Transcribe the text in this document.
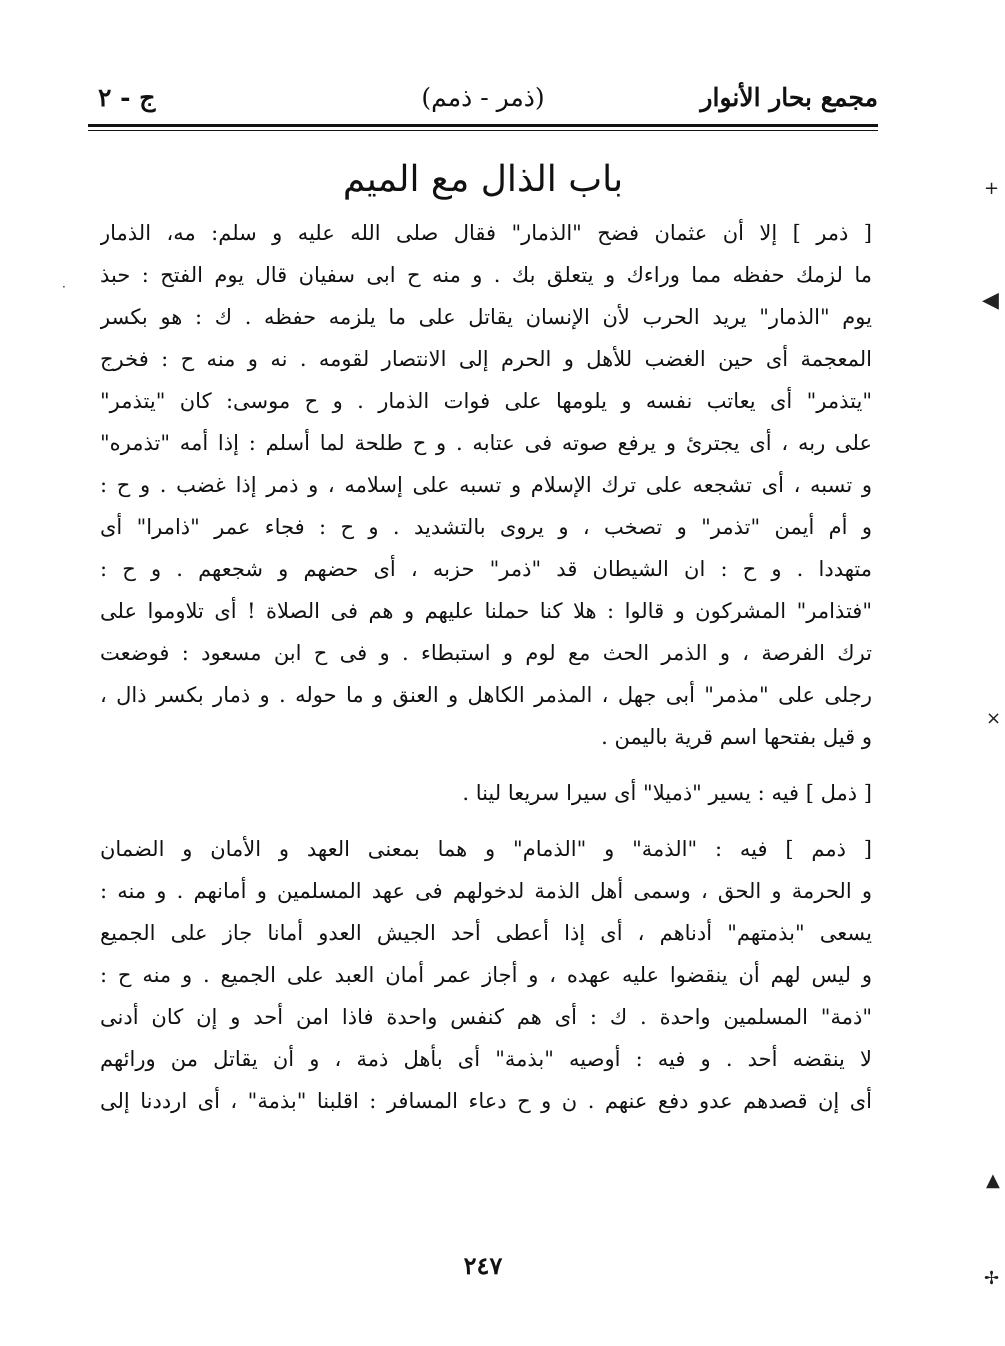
مجمع بحار الأنوار
(ذمر - ذمم)
ج - ٢
باب الذال مع الميم
[ ذمر ] إلا أن عثمان فضح "الذمار" فقال صلى الله عليه و سلم: مه، الذمار
ما لزمك حفظه مما وراءك و يتعلق بك . و منه ح ابى سفيان قال يوم الفتح : حبذ
يوم "الذمار" يريد الحرب لأن الإنسان يقاتل على ما يلزمه حفظه . ك : هو بكسر
المعجمة أى حين الغضب للأهل و الحرم إلى الانتصار لقومه . نه و منه ح : فخرج
"يتذمر" أى يعاتب نفسه و يلومها على فوات الذمار . و ح موسى: كان "يتذمر"
على ربه ، أى يجترئ و يرفع صوته فى عتابه . و ح طلحة لما أسلم : إذا أمه "تذمره"
و تسبه ، أى تشجعه على ترك الإسلام و تسبه على إسلامه ، و ذمر إذا غضب . و ح :
و أم أيمن "تذمر" و تصخب ، و يروى بالتشديد . و ح : فجاء عمر "ذامرا" أى
متهددا . و ح : ان الشيطان قد "ذمر" حزبه ، أى حضهم و شجعهم . و ح :
"فتذامر" المشركون و قالوا : هلا كنا حملنا عليهم و هم فى الصلاة ! أى تلاوموا على
ترك الفرصة ، و الذمر الحث مع لوم و استبطاء . و فى ح ابن مسعود : فوضعت
رجلى على "مذمر" أبى جهل ، المذمر الكاهل و العنق و ما حوله . و ذمار بكسر ذال ،
و قيل بفتحها اسم قرية باليمن .
[ ذمل ] فيه : يسير "ذميلا" أى سيرا سريعا لينا .
[ ذمم ] فيه : "الذمة" و "الذمام" و هما بمعنى العهد و الأمان و الضمان
و الحرمة و الحق ، وسمى أهل الذمة لدخولهم فى عهد المسلمين و أمانهم . و منه :
يسعى "بذمتهم" أدناهم ، أى إذا أعطى أحد الجيش العدو أمانا جاز على الجميع
و ليس لهم أن ينقضوا عليه عهده ، و أجاز عمر أمان العبد على الجميع . و منه ح :
"ذمة" المسلمين واحدة . ك : أى هم كنفس واحدة فاذا امن أحد و إن كان أدنى
لا ينقضه أحد . و فيه : أوصيه "بذمة" أى بأهل ذمة ، و أن يقاتل من ورائهم
أى إن قصدهم عدو دفع عنهم . ن و ح دعاء المسافر : اقلبنا "بذمة" ، أى ارددنا إلى
٢٤٧
+
◀
×
▲
✢
·
